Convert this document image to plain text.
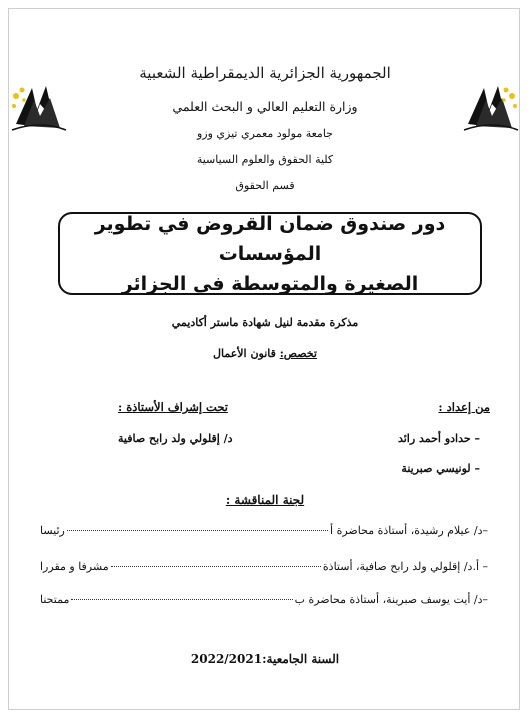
الجمهورية الجزائرية الديمقراطية الشعبية
وزارة التعليم العالي و البحث العلمي
جامعة مولود معمري تيزي وزو
كلية الحقوق والعلوم السياسية
قسم الحقوق
دور صندوق ضمان القروض في تطوير المؤسسات
الصغيرة والمتوسطة في الجزائر
مذكرة مقدمة لنيل شهادة ماستر أكاديمي
تخصص: قانون الأعمال
من إعداد :
– حدادو أحمد رائد
– لونيسي صبرينة
تحت إشراف الأستاذة :
د/ إقلولي ولد رابح صافية
لجنة المناقشة :
–د/ عيلام رشيدة، أستاذة محاضرة أ
رئيسا
– أ.د/ إقلولي ولد رابح صافية، أستاذة
مشرفا و مقررا
–د/ أيت يوسف صبرينة، أستاذة محاضرة ب
ممتحنا
السنة الجامعية:2022/2021
